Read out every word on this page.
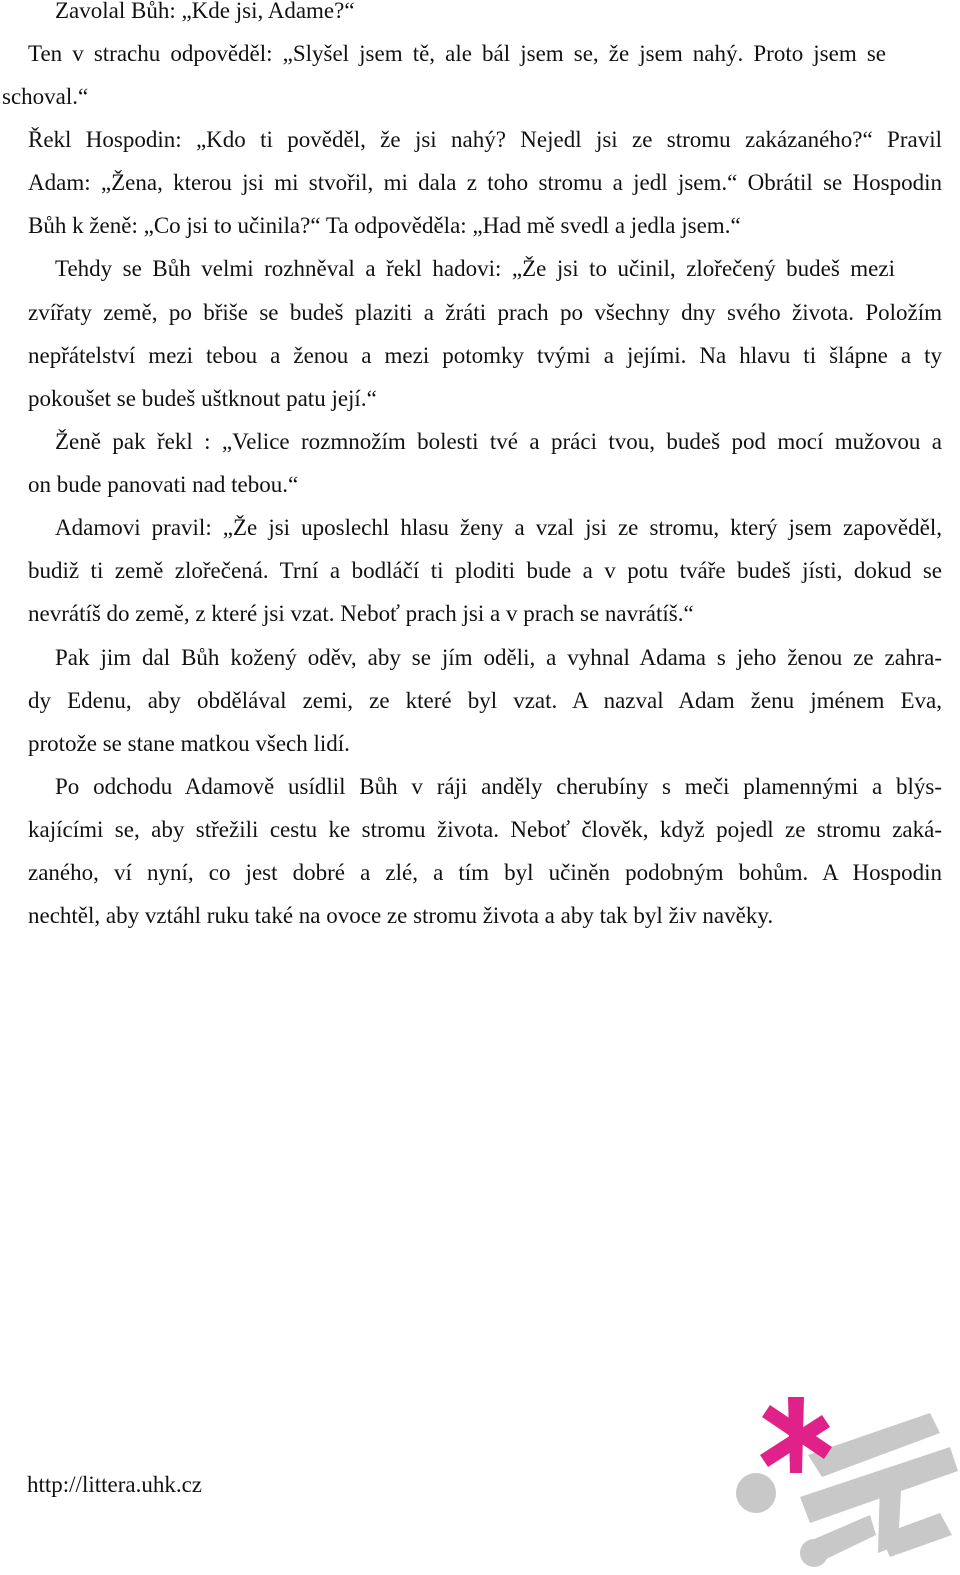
Zavolal Bůh: „Kde jsi, Adame?“

Ten v strachu odpověděl: „Slyšel jsem tě, ale bál jsem se, že jsem nahý. Proto jsem se

schoval.“

Řekl Hospodin: „Kdo ti pověděl, že jsi nahý? Nejedl jsi ze stromu zakázaného?“ Pravil

Adam: „Žena, kterou jsi mi stvořil, mi dala z toho stromu a jedl jsem.“ Obrátil se Hospodin

Bůh k ženě: „Co jsi to učinila?“ Ta odpověděla: „Had mě svedl a jedla jsem.“

Tehdy se Bůh velmi rozhněval a řekl hadovi: „Že jsi to učinil, zlořečený budeš mezi

zvířaty země, po břiše se budeš plaziti a žráti prach po všechny dny svého života. Položím

nepřátelství mezi tebou a ženou a mezi potomky tvými a jejími. Na hlavu ti šlápne a ty

pokoušet se budeš uštknout patu její.“

Ženě pak řekl : „Velice rozmnožím bolesti tvé a práci tvou, budeš pod mocí mužovou a

on bude panovati nad tebou.“

Adamovi pravil: „Že jsi uposlechl hlasu ženy a vzal jsi ze stromu, který jsem zapověděl,

budiž ti země zlořečená. Trní a bodláčí ti ploditi bude a v potu tváře budeš jísti, dokud se

nevrátíš do země, z které jsi vzat. Neboť prach jsi a v prach se navrátíš.“

Pak jim dal Bůh kožený oděv, aby se jím oděli, a vyhnal Adama s jeho ženou ze zahra-

dy Edenu, aby obdělával zemi, ze které byl vzat. A nazval Adam ženu jménem Eva,

protože se stane matkou všech lidí.

Po odchodu Adamově usídlil Bůh v ráji anděly cherubíny s meči plamennými a blýs-

kajícími se, aby střežili cestu ke stromu života. Neboť člověk, když pojedl ze stromu zaká-

zaného, ví nyní, co jest dobré a zlé, a tím byl učiněn podobným bohům. A Hospodin

nechtěl, aby vztáhl ruku také na ovoce ze stromu života a aby tak byl živ navěky.

http://littera.uhk.cz
